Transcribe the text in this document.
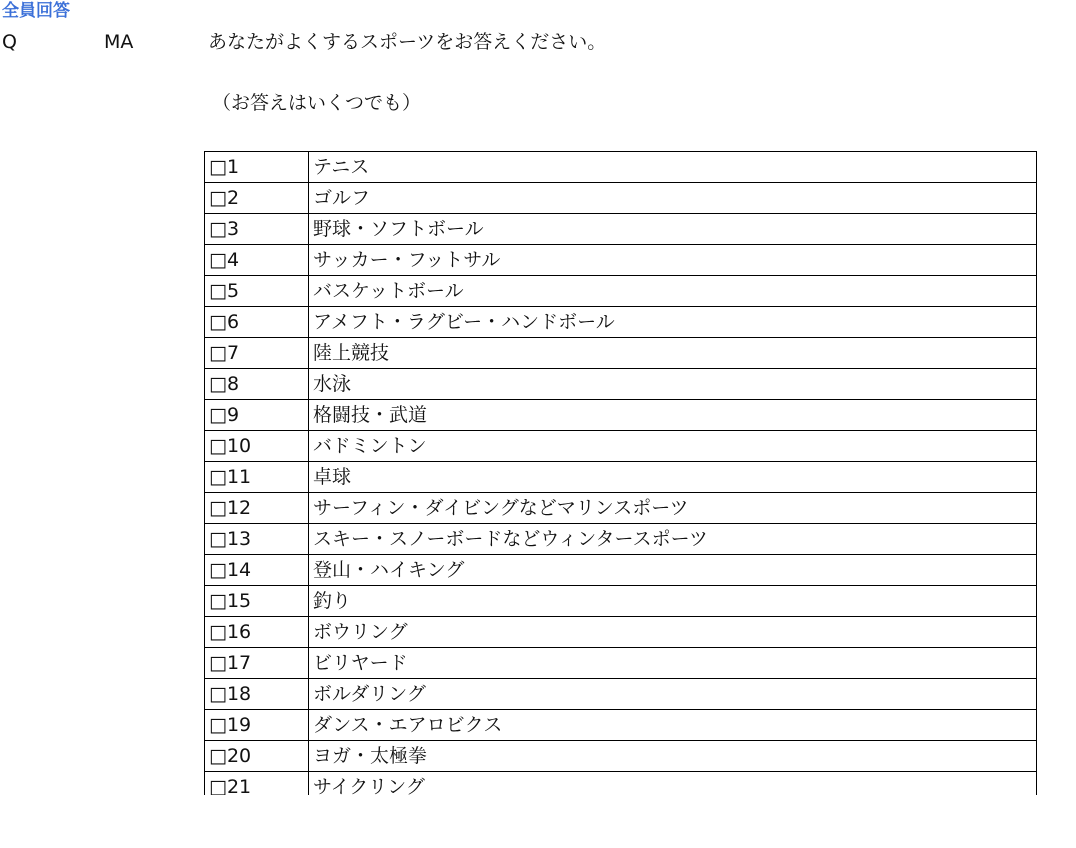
全員回答
Q	MA	あなたがよくするスポーツをお答えください。
（お答えはいくつでも）
□1	テニス
□2	ゴルフ
□3	野球・ソフトボール
□4	サッカー・フットサル
□5	バスケットボール
□6	アメフト・ラグビー・ハンドボール
□7	陸上競技
□8	水泳
□9	格闘技・武道
□10	バドミントン
□11	卓球
□12	サーフィン・ダイビングなどマリンスポーツ
□13	スキー・スノーボードなどウィンタースポーツ
□14	登山・ハイキング
□15	釣り
□16	ボウリング
□17	ビリヤード
□18	ボルダリング
□19	ダンス・エアロビクス
□20	ヨガ・太極拳
□21	サイクリング
